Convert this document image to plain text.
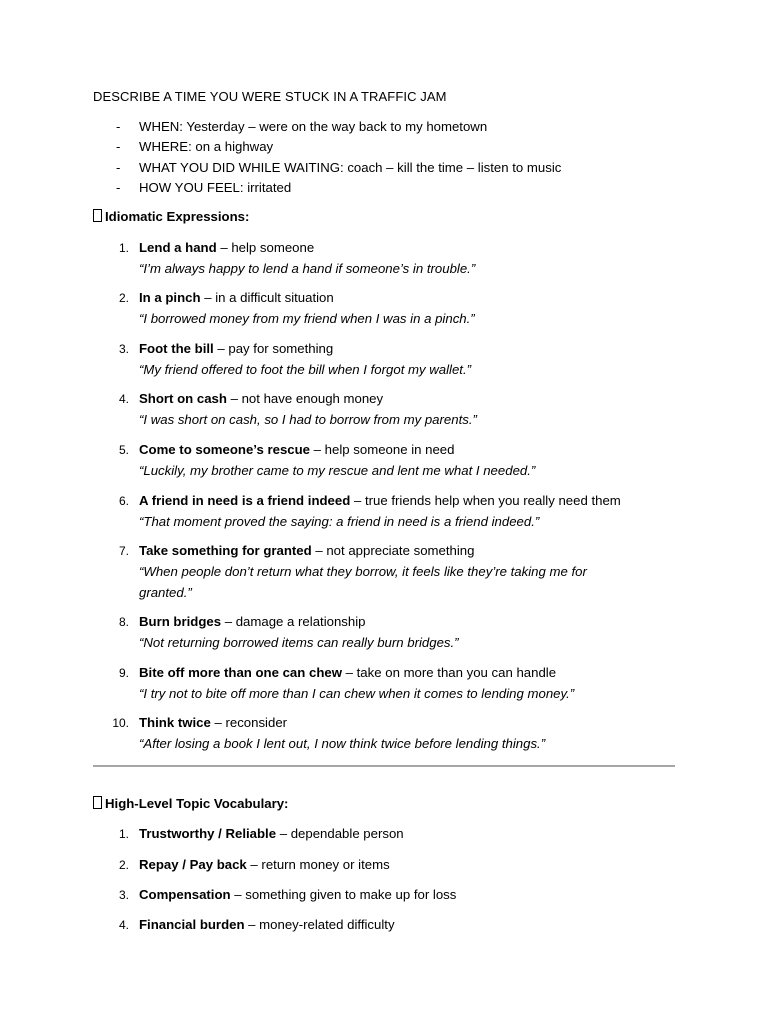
DESCRIBE A TIME YOU WERE STUCK IN A TRAFFIC JAM
- WHEN: Yesterday – were on the way back to my hometown
- WHERE: on a highway
- WHAT YOU DID WHILE WAITING: coach – kill the time – listen to music
- HOW YOU FEEL: irritated
Idiomatic Expressions:
1. Lend a hand – help someone
“I’m always happy to lend a hand if someone’s in trouble.”
2. In a pinch – in a difficult situation
“I borrowed money from my friend when I was in a pinch.”
3. Foot the bill – pay for something
“My friend offered to foot the bill when I forgot my wallet.”
4. Short on cash – not have enough money
“I was short on cash, so I had to borrow from my parents.”
5. Come to someone’s rescue – help someone in need
“Luckily, my brother came to my rescue and lent me what I needed.”
6. A friend in need is a friend indeed – true friends help when you really need them
“That moment proved the saying: a friend in need is a friend indeed.”
7. Take something for granted – not appreciate something
“When people don’t return what they borrow, it feels like they’re taking me for granted.”
8. Burn bridges – damage a relationship
“Not returning borrowed items can really burn bridges.”
9. Bite off more than one can chew – take on more than you can handle
“I try not to bite off more than I can chew when it comes to lending money.”
10. Think twice – reconsider
“After losing a book I lent out, I now think twice before lending things.”
High-Level Topic Vocabulary:
1. Trustworthy / Reliable – dependable person
2. Repay / Pay back – return money or items
3. Compensation – something given to make up for loss
4. Financial burden – money-related difficulty
